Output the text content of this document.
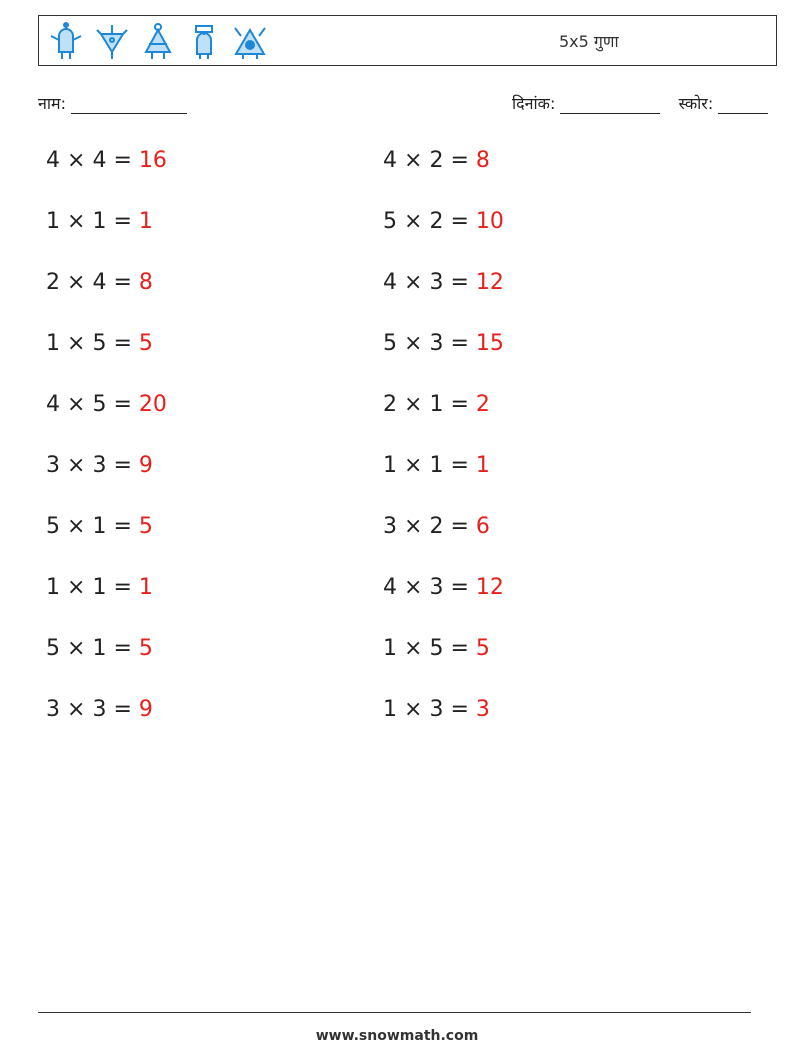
5x5 गुणा
नाम:	दिनांक:	स्कोर:
4 × 4 = 16
1 × 1 = 1
2 × 4 = 8
1 × 5 = 5
4 × 5 = 20
3 × 3 = 9
5 × 1 = 5
1 × 1 = 1
5 × 1 = 5
3 × 3 = 9
4 × 2 = 8
5 × 2 = 10
4 × 3 = 12
5 × 3 = 15
2 × 1 = 2
1 × 1 = 1
3 × 2 = 6
4 × 3 = 12
1 × 5 = 5
1 × 3 = 3
www.snowmath.com
